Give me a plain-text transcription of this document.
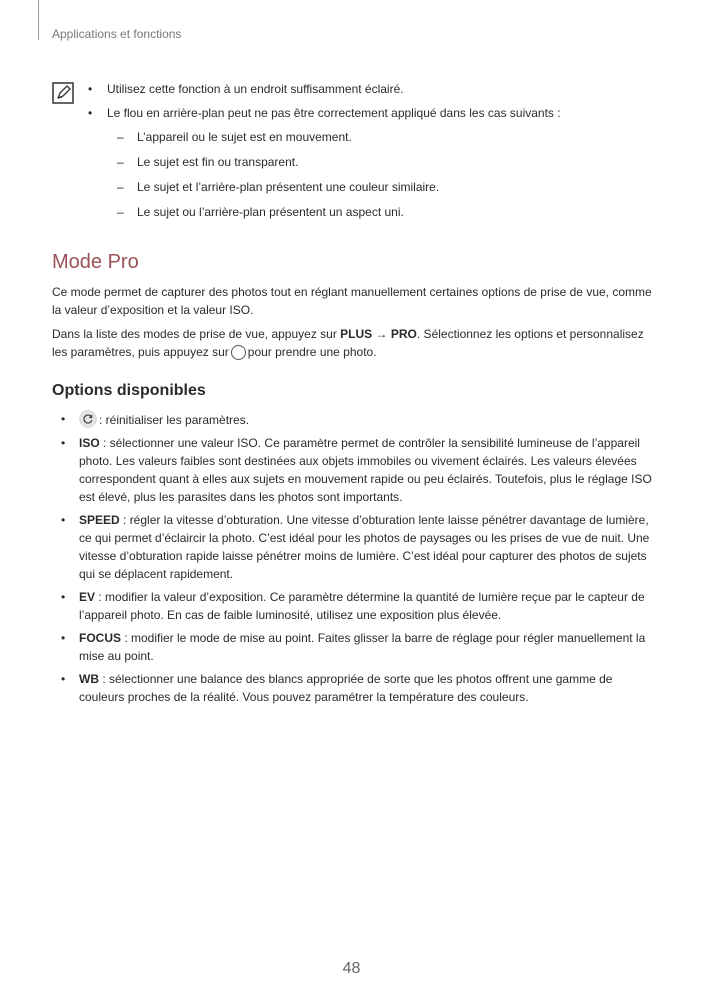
Applications et fonctions
• Utilisez cette fonction à un endroit suffisamment éclairé.
• Le flou en arrière-plan peut ne pas être correctement appliqué dans les cas suivants :
– L’appareil ou le sujet est en mouvement.
– Le sujet est fin ou transparent.
– Le sujet et l’arrière-plan présentent une couleur similaire.
– Le sujet ou l’arrière-plan présentent un aspect uni.
Mode Pro
Ce mode permet de capturer des photos tout en réglant manuellement certaines options de prise de vue, comme la valeur d’exposition et la valeur ISO.
Dans la liste des modes de prise de vue, appuyez sur PLUS → PRO. Sélectionnez les options et personnalisez les paramètres, puis appuyez sur pour prendre une photo.
Options disponibles
• : réinitialiser les paramètres.
• ISO : sélectionner une valeur ISO. Ce paramètre permet de contrôler la sensibilité lumineuse de l’appareil photo. Les valeurs faibles sont destinées aux objets immobiles ou vivement éclairés. Les valeurs élevées correspondent quant à elles aux sujets en mouvement rapide ou peu éclairés. Toutefois, plus le réglage ISO est élevé, plus les parasites dans les photos sont importants.
• SPEED : régler la vitesse d’obturation. Une vitesse d’obturation lente laisse pénétrer davantage de lumière, ce qui permet d’éclaircir la photo. C’est idéal pour les photos de paysages ou les prises de vue de nuit. Une vitesse d’obturation rapide laisse pénétrer moins de lumière. C’est idéal pour capturer des photos de sujets qui se déplacent rapidement.
• EV : modifier la valeur d’exposition. Ce paramètre détermine la quantité de lumière reçue par le capteur de l’appareil photo. En cas de faible luminosité, utilisez une exposition plus élevée.
• FOCUS : modifier le mode de mise au point. Faites glisser la barre de réglage pour régler manuellement la mise au point.
• WB : sélectionner une balance des blancs appropriée de sorte que les photos offrent une gamme de couleurs proches de la réalité. Vous pouvez paramétrer la température des couleurs.
48
